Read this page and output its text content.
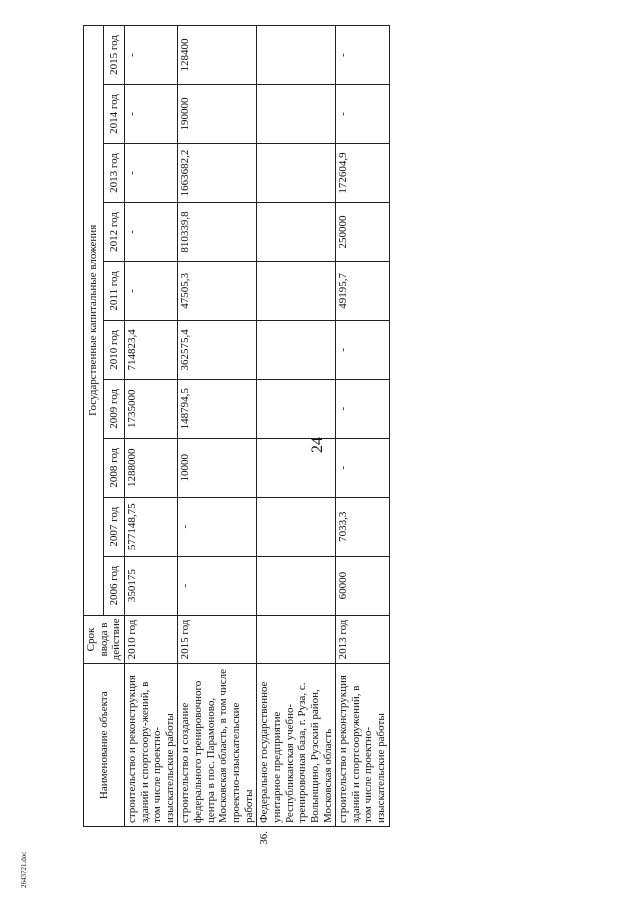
24
2643721.doc
	Наименование объекта	Срок ввода в действие	Государственные капитальные вложения									
			2006 год	2007 год	2008 год	2009 год	2010 год	2011 год	2012 год	2013 год	2014 год	2015 год
	строительство и реконструкция зданий и спортсоору-жений, в том числе проектно-изыскательские работы	2010 год	350175	577148,75	1288000	1735000	714823,4	-	-	-	-	-
	строительство и создание федерального тренировочного центра в пос. Парамоново, Московская область, в том числе проектно-изыскательские работы	2015 год	-	-	10000	148794,5	362575,4	47505,3	810339,8	1663682,2	190000	128400
36.	Федеральное государственное унитарное предприятие Республиканская учебно-тренировочная база, г. Руза, с. Волынщино, Рузский район, Московская область											
	строительство и реконструкция зданий и спортсооружений, в том числе проектно-изыскательские работы	2013 год	60000	7033,3	-	-	-	49195,7	250000	172604,9	-	-
